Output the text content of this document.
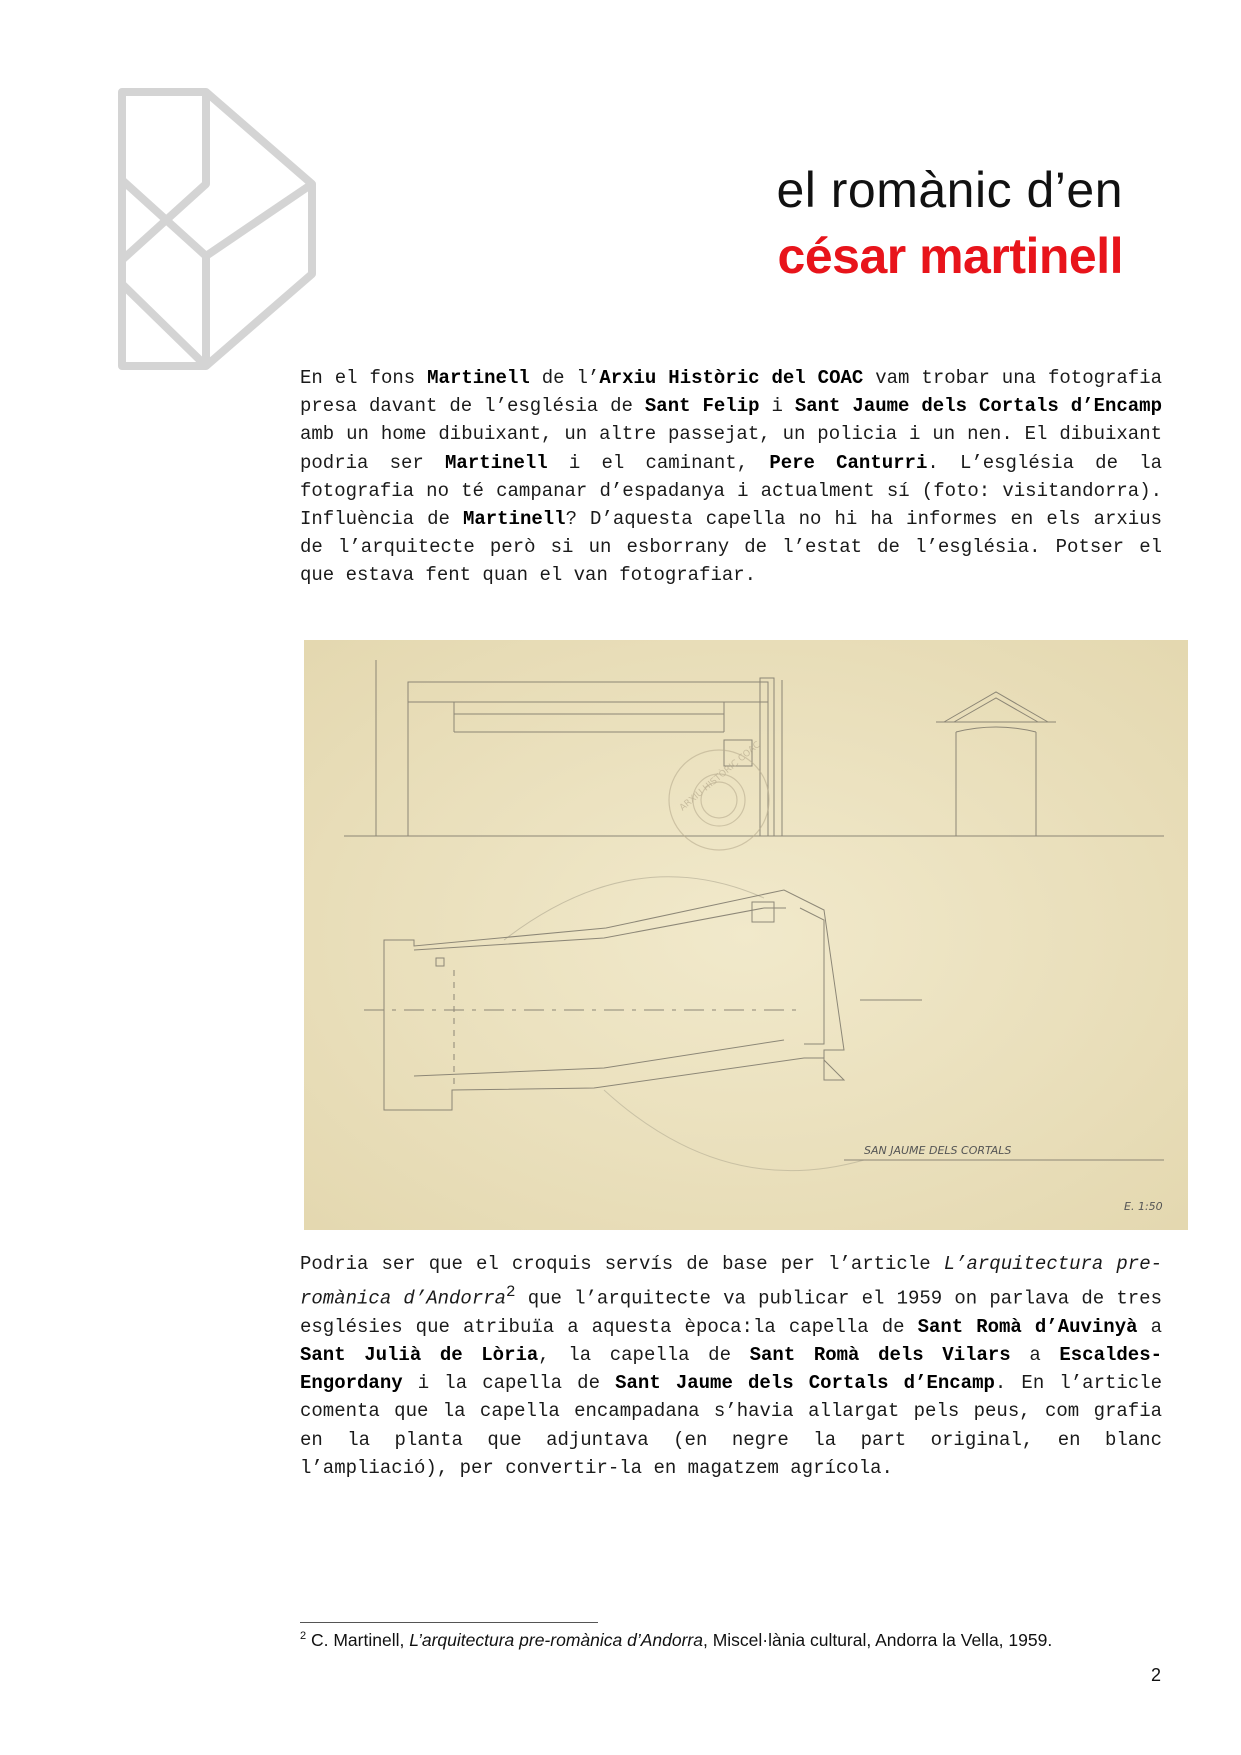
el romànic d’en
césar martinell

En el fons Martinell de l’Arxiu Històric del COAC vam trobar una fotografia presa davant de l’església de Sant Felip i Sant Jaume dels Cortals d’Encamp amb un home dibuixant, un altre passejat, un policia i un nen. El dibuixant podria ser Martinell i el caminant, Pere Canturri. L’església de la fotografia no té campanar d’espadanya i actualment sí (foto: visitandorra). Influència de Martinell? D’aquesta capella no hi ha informes en els arxius de l’arquitecte però si un esborrany de l’estat de l’església. Potser el que estava fent quan el van fotografiar.

ARXIU HISTÒRIC COAC
SAN JAUME DELS CORTALS
E. 1:50

Podria ser que el croquis servís de base per l’article L’arquitectura pre-romànica d’Andorra$^2$ que l’arquitecte va publicar el 1959 on parlava de tres esglésies que atribuïa a aquesta època:la capella de Sant Romà d’Auvinyà a Sant Julià de Lòria, la capella de Sant Romà dels Vilars a Escaldes-Engordany i la capella de Sant Jaume dels Cortals d’Encamp. En l’article comenta que la capella encampadana s’havia allargat pels peus, com grafia en la planta que adjuntava (en negre la part original, en blanc l’ampliació), per convertir-la en magatzem agrícola.

$^2$ C. Martinell, L’arquitectura pre-romànica d’Andorra, Miscel·lània cultural, Andorra la Vella, 1959.
2
